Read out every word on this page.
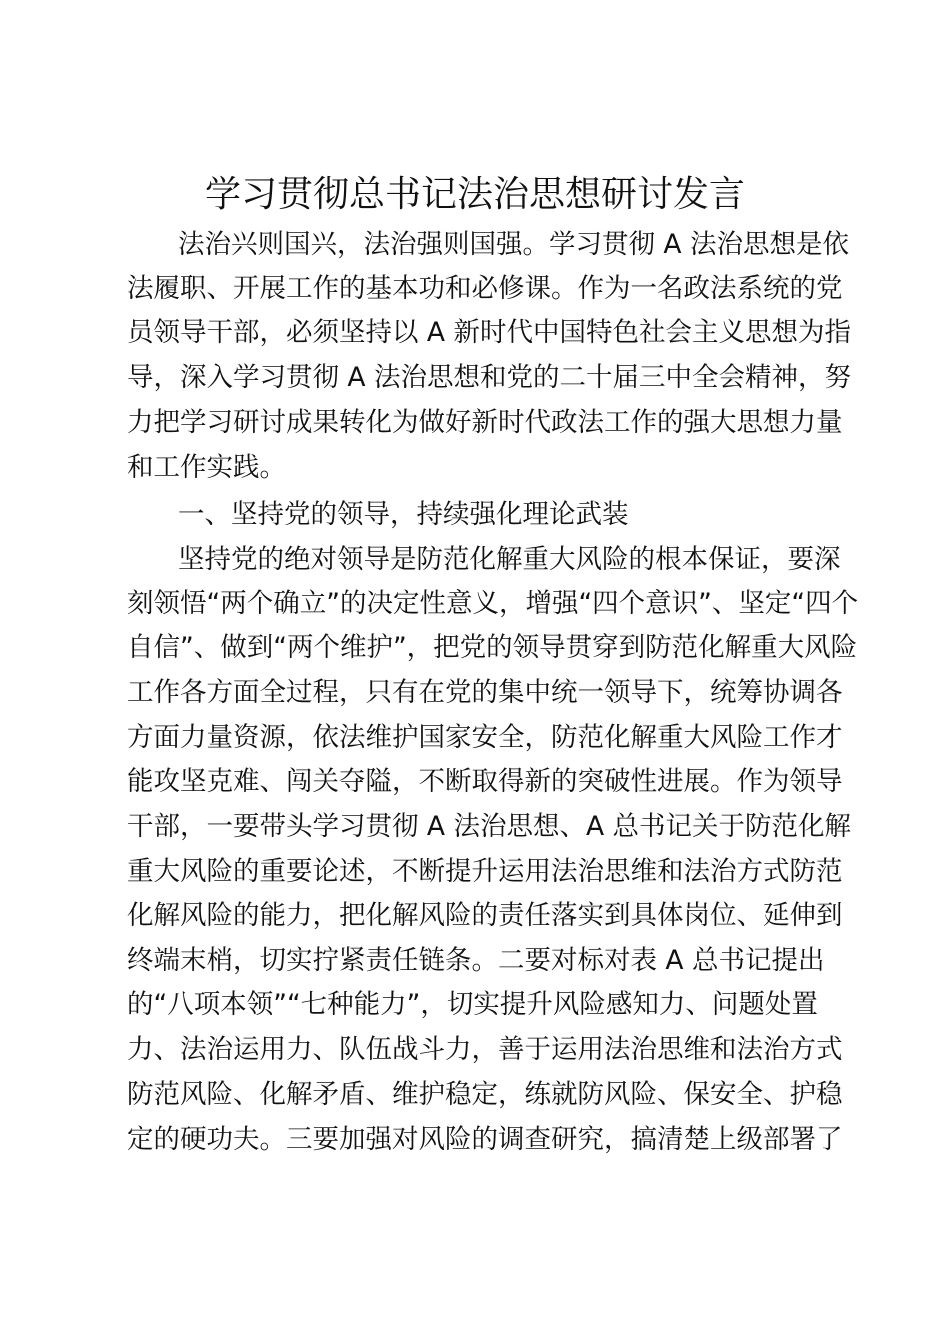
学习贯彻总书记法治思想研讨发言
法治兴则国兴，法治强则国强。学习贯彻 A 法治思想是依
法履职、开展工作的基本功和必修课。作为一名政法系统的党
员领导干部，必须坚持以 A 新时代中国特色社会主义思想为指
导，深入学习贯彻 A 法治思想和党的二十届三中全会精神，努
力把学习研讨成果转化为做好新时代政法工作的强大思想力量
和工作实践。
一、坚持党的领导，持续强化理论武装
坚持党的绝对领导是防范化解重大风险的根本保证，要深
刻领悟“两个确立”的决定性意义，增强“四个意识”、坚定“四个
自信”、做到“两个维护”，把党的领导贯穿到防范化解重大风险
工作各方面全过程，只有在党的集中统一领导下，统筹协调各
方面力量资源，依法维护国家安全，防范化解重大风险工作才
能攻坚克难、闯关夺隘，不断取得新的突破性进展。作为领导
干部，一要带头学习贯彻 A 法治思想、A 总书记关于防范化解
重大风险的重要论述，不断提升运用法治思维和法治方式防范
化解风险的能力，把化解风险的责任落实到具体岗位、延伸到
终端末梢，切实拧紧责任链条。二要对标对表 A 总书记提出
的“八项本领”“七种能力”，切实提升风险感知力、问题处置
力、法治运用力、队伍战斗力，善于运用法治思维和法治方式
防范风险、化解矛盾、维护稳定，练就防风险、保安全、护稳
定的硬功夫。三要加强对风险的调查研究，搞清楚上级部署了
